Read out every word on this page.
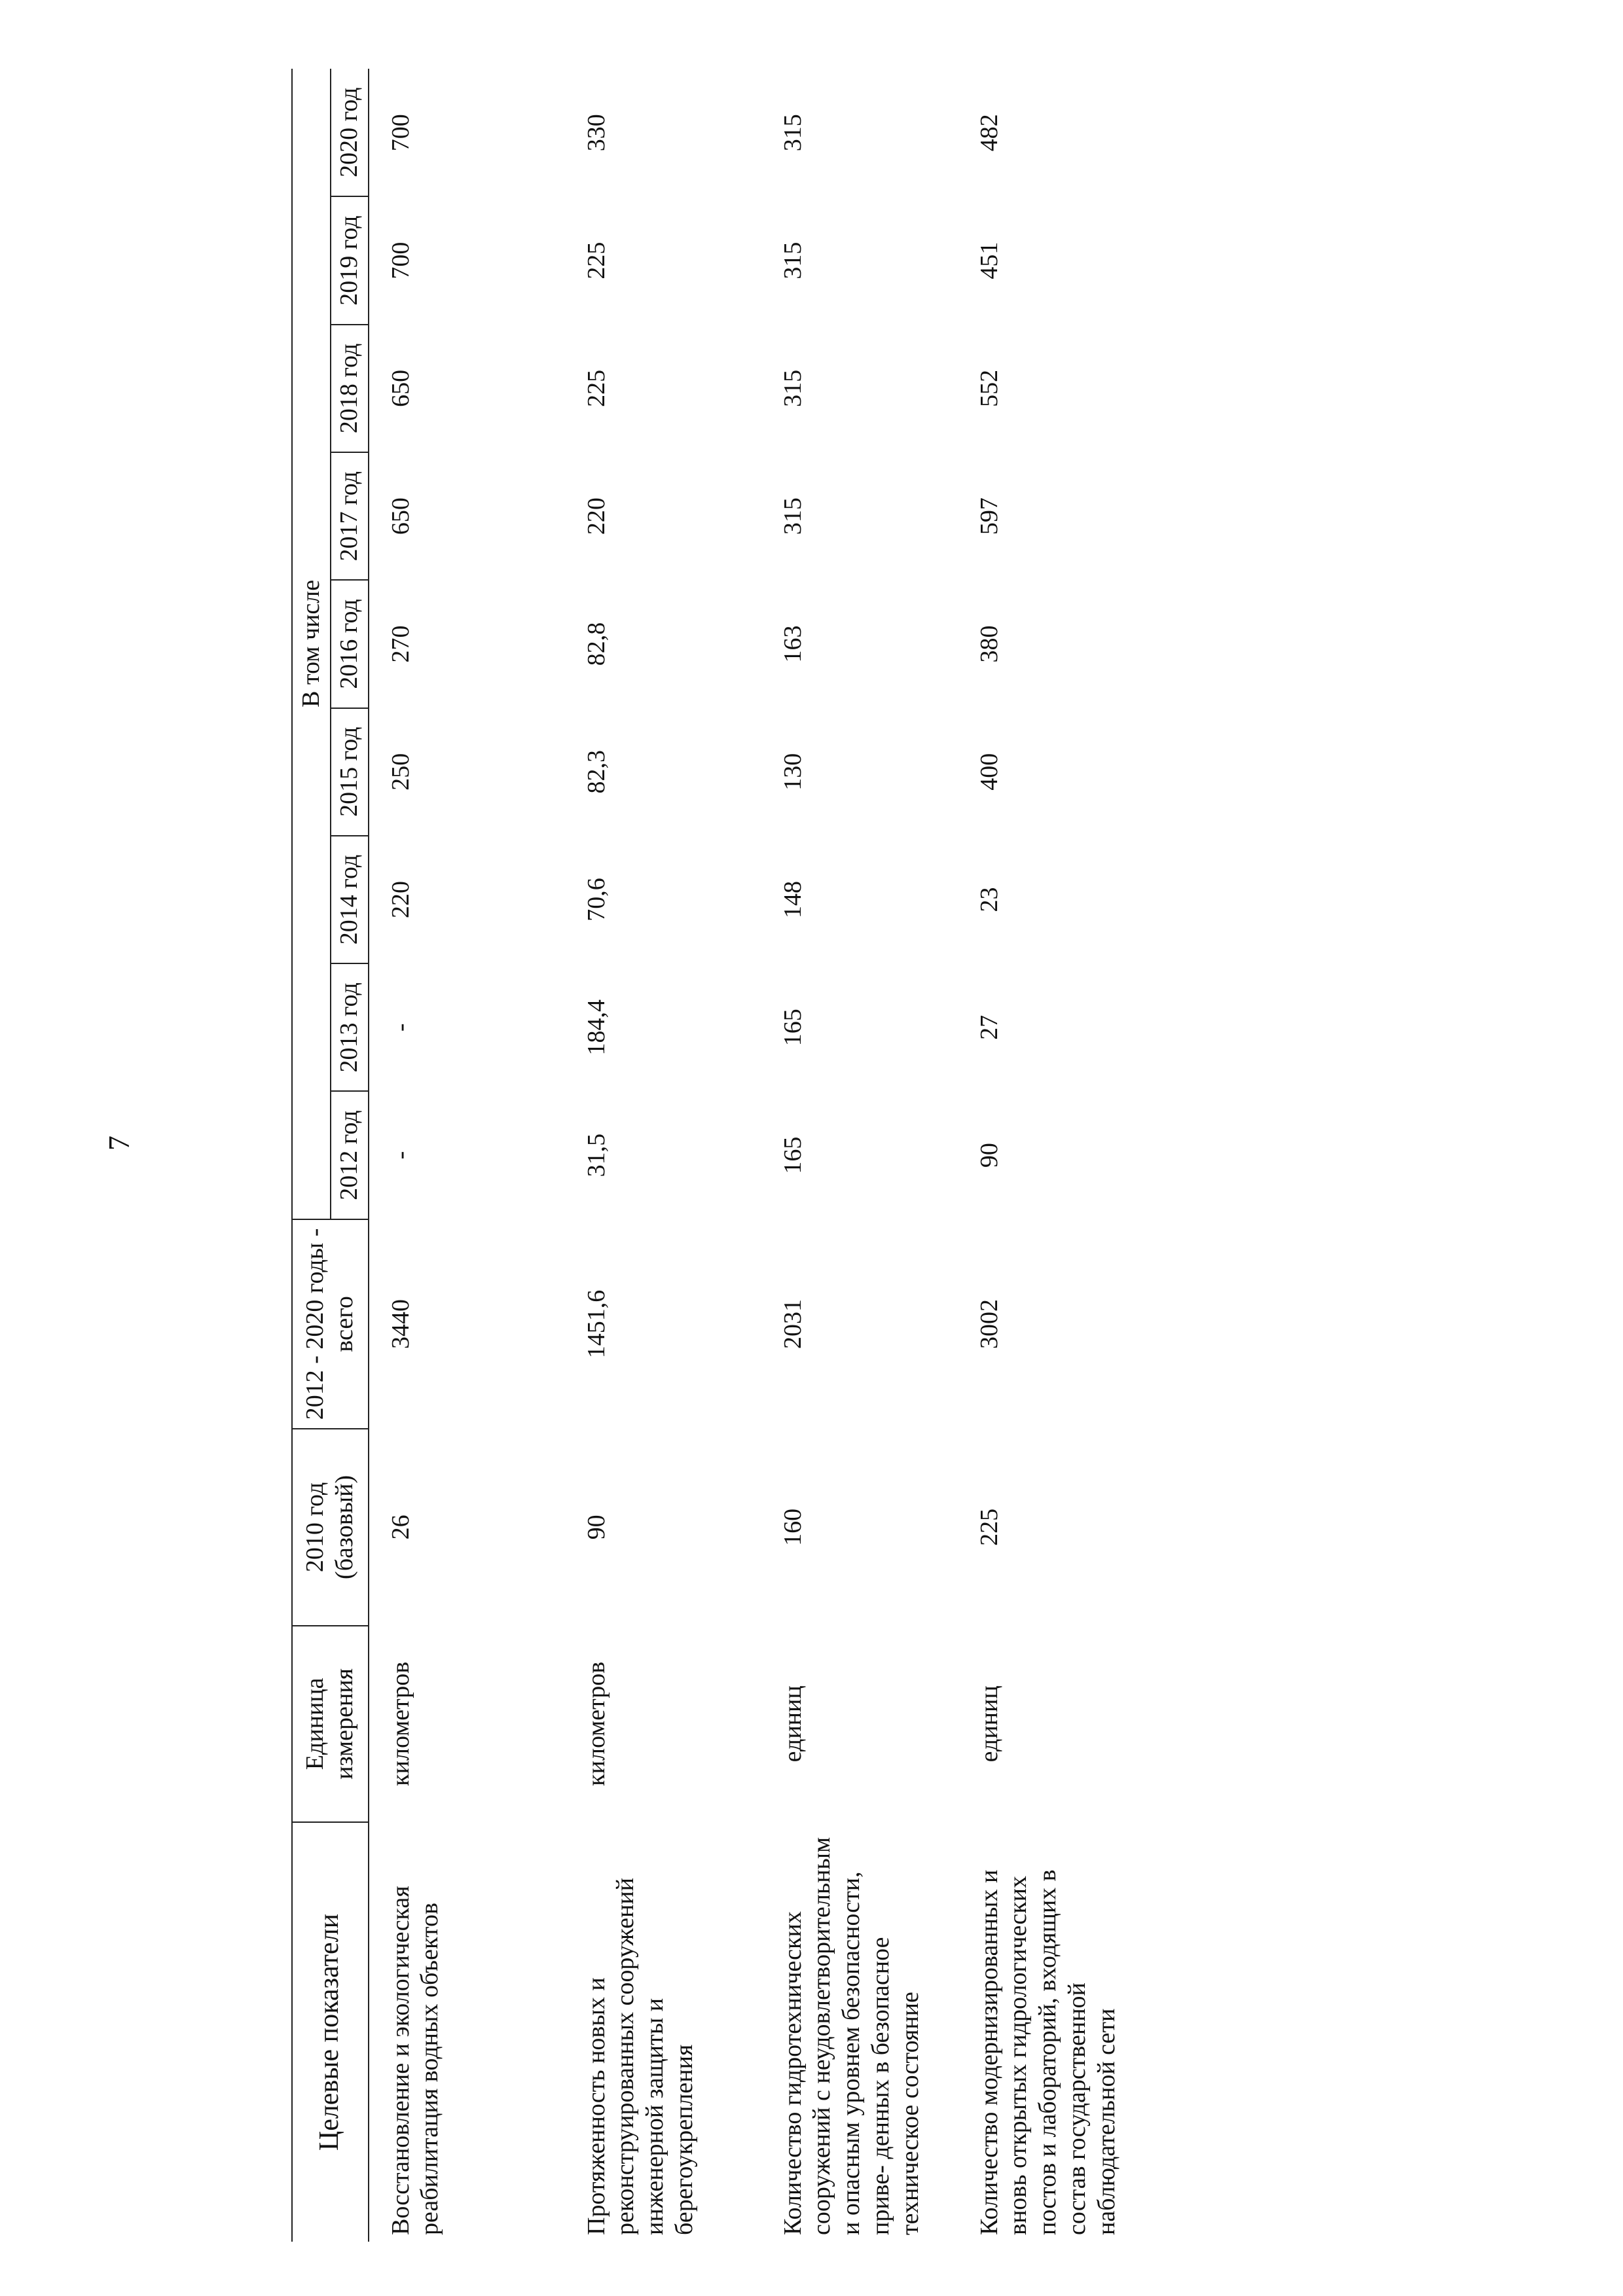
7
Целевые показатели	Единица измерения	2010 год (базовый)	2012 - 2020 годы - всего	В том числе								
				2012 год	2013 год	2014 год	2015 год	2016 год	2017 год	2018 год	2019 год	2020 год
Восстановление и экологическая реабилитация водных объектов	километров	26	3440	-	-	220	250	270	650	650	700	700
Протяженность новых и реконструированных сооружений инженерной защиты и берегоукрепления	километров	90	1451,6	31,5	184,4	70,6	82,3	82,8	220	225	225	330
Количество гидротехнических сооружений с неудовлетворительным и опасным уровнем безопасности, приве- денных в безопасное техническое состояние	единиц	160	2031	165	165	148	130	163	315	315	315	315
Количество модернизированных и вновь открытых гидрологических постов и лабораторий, входящих в состав государственной наблюдательной сети	единиц	225	3002	90	27	23	400	380	597	552	451	482
